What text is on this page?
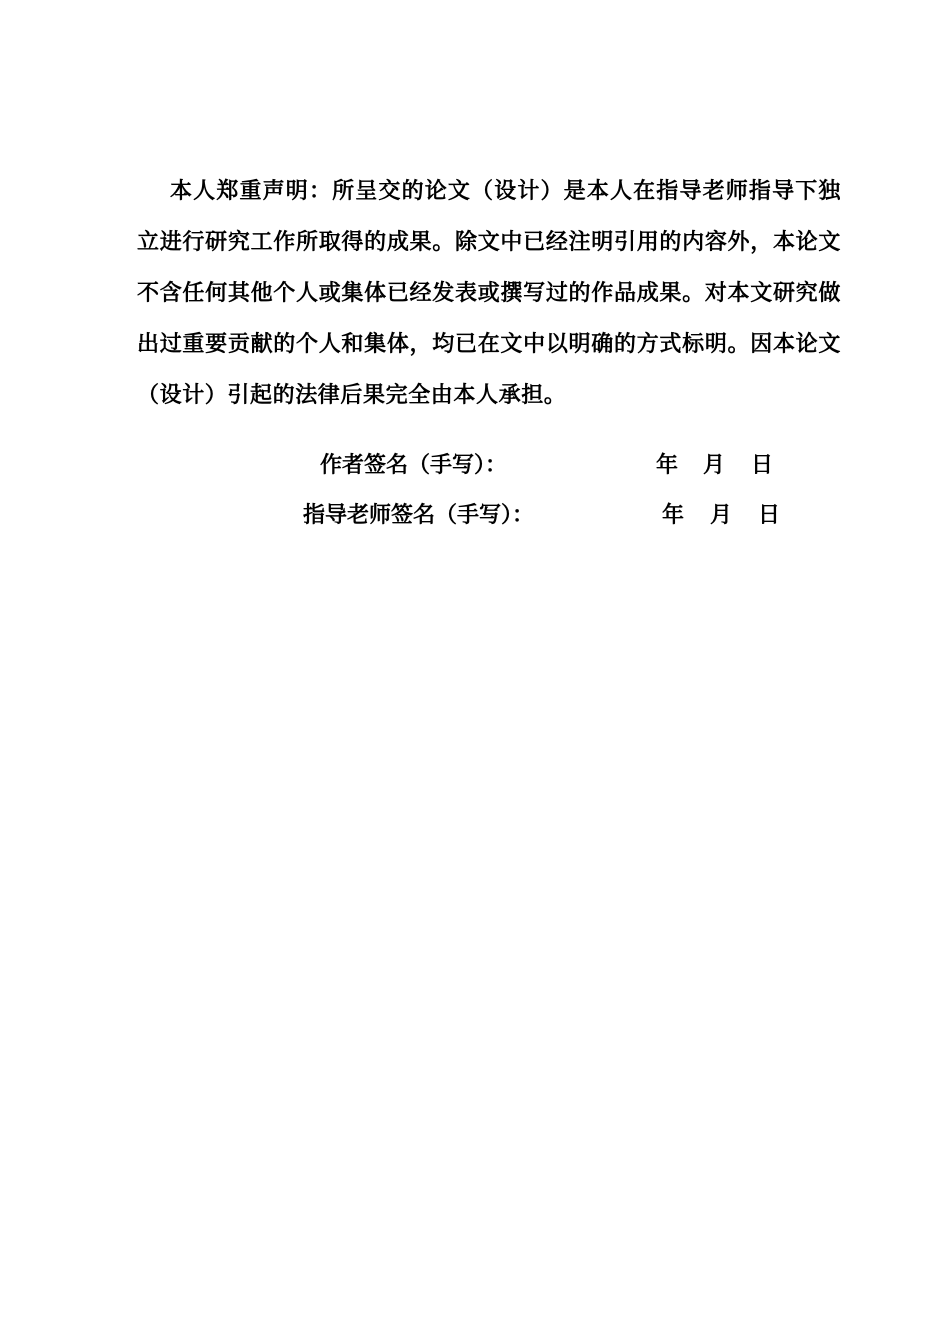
本人郑重声明：所呈交的论文（设计）是本人在指导老师指导下独立进行研究工作所取得的成果。除文中已经注明引用的内容外，本论文不含任何其他个人或集体已经发表或撰写过的作品成果。对本文研究做出过重要贡献的个人和集体，均已在文中以明确的方式标明。因本论文（设计）引起的法律后果完全由本人承担。

作者签名（手写）：	年 月 日
指导老师签名（手写）：	年 月 日
